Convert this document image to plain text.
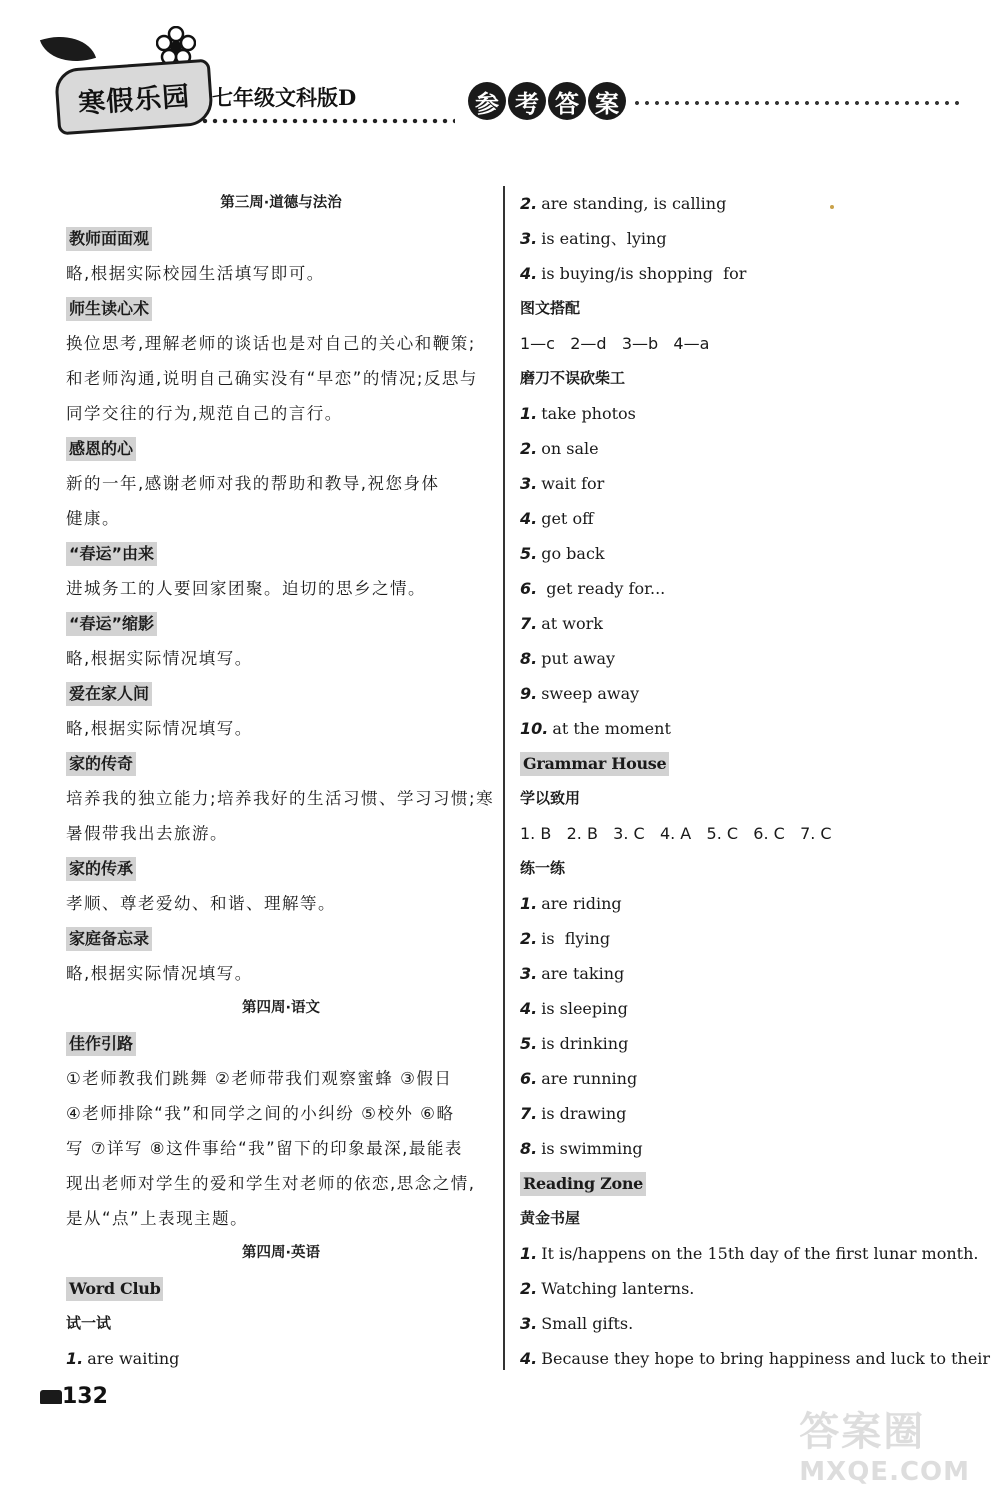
寒假乐园 七年级文科版D	参 考 答 案
第三周·道德与法治
教师面面观
略,根据实际校园生活填写即可。
师生读心术
换位思考,理解老师的谈话也是对自己的关心和鞭策;
和老师沟通,说明自己确实没有“早恋”的情况;反思与
同学交往的行为,规范自己的言行。
感恩的心
新的一年,感谢老师对我的帮助和教导,祝您身体
健康。
“春运”由来
进城务工的人要回家团聚。迫切的思乡之情。
“春运”缩影
略,根据实际情况填写。
爱在家人间
略,根据实际情况填写。
家的传奇
培养我的独立能力;培养我好的生活习惯、学习习惯;寒
暑假带我出去旅游。
家的传承
孝顺、尊老爱幼、和谐、理解等。
家庭备忘录
略,根据实际情况填写。
第四周·语文
佳作引路
①老师教我们跳舞 ②老师带我们观察蜜蜂 ③假日
④老师排除“我”和同学之间的小纠纷 ⑤校外 ⑥略
写 ⑦详写 ⑧这件事给“我”留下的印象最深,最能表
现出老师对学生的爱和学生对老师的依恋,思念之情,
是从“点”上表现主题。
第四周·英语
Word Club
试一试
1. are waiting
2. are standing, is calling
3. is eating、lying
4. is buying/is shopping  for
图文搭配
1—c   2—d   3—b   4—a
磨刀不误砍柴工
1. take photos
2. on sale
3. wait for
4. get off
5. go back
6. get ready for...
7. at work
8. put away
9. sweep away
10. at the moment
Grammar House
学以致用
1. B   2. B   3. C   4. A   5. C   6. C   7. C
练一练
1. are riding
2. is  flying
3. are taking
4. is sleeping
5. is drinking
6. are running
7. is drawing
8. is swimming
Reading Zone
黄金书屋
1. It is/happens on the 15th day of the first lunar month.
2. Watching lanterns.
3. Small gifts.
4. Because they hope to bring happiness and luck to their
132
答案圈
MXQE.COM
